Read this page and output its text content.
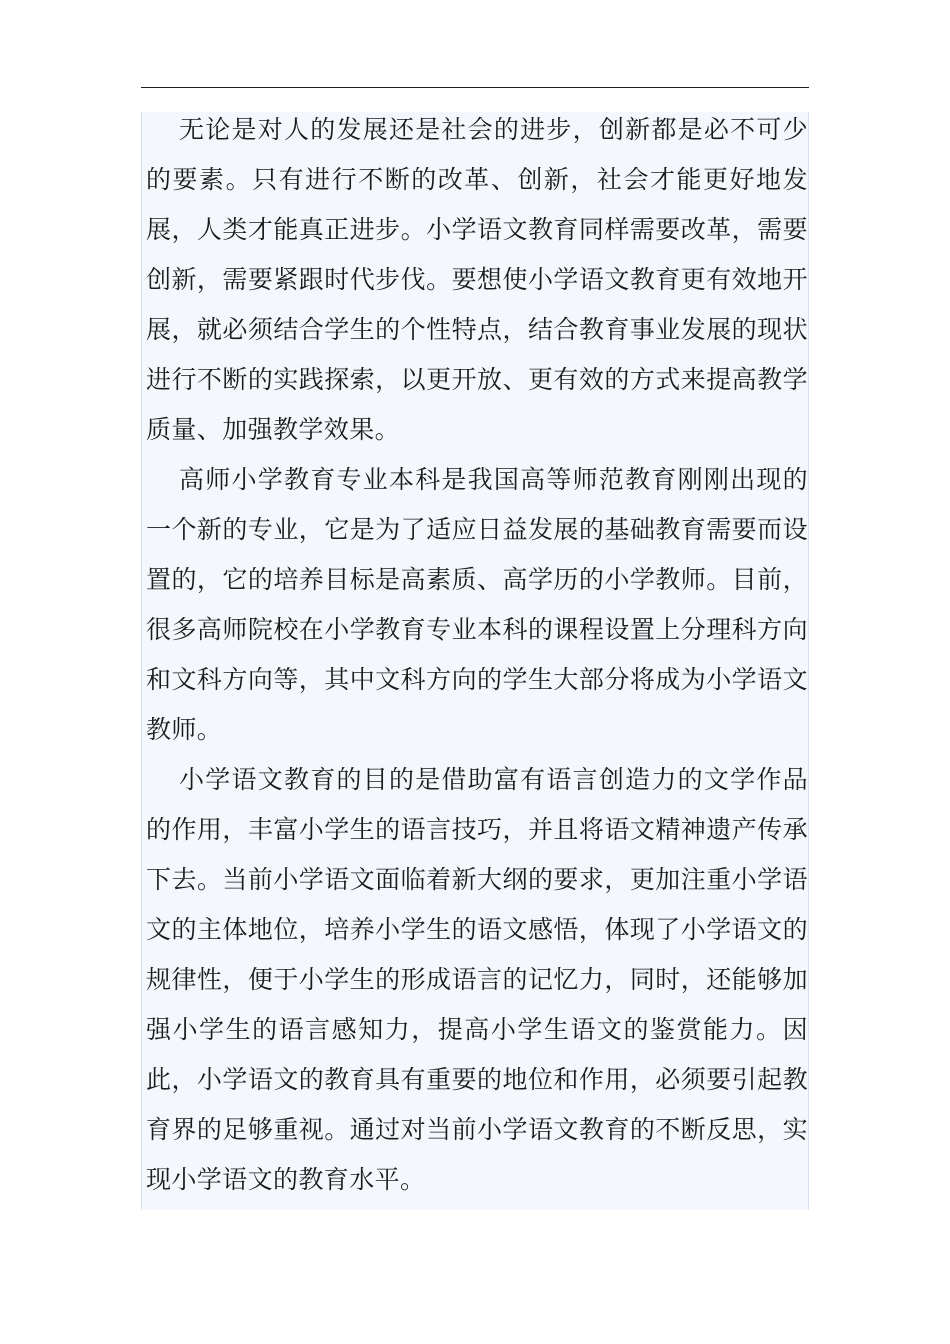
无论是对人的发展还是社会的进步，创新都是必不可少的要素。只有进行不断的改革、创新，社会才能更好地发展，人类才能真正进步。小学语文教育同样需要改革，需要创新，需要紧跟时代步伐。要想使小学语文教育更有效地开展，就必须结合学生的个性特点，结合教育事业发展的现状进行不断的实践探索，以更开放、更有效的方式来提高教学质量、加强教学效果。

高师小学教育专业本科是我国高等师范教育刚刚出现的一个新的专业，它是为了适应日益发展的基础教育需要而设置的，它的培养目标是高素质、高学历的小学教师。目前，很多高师院校在小学教育专业本科的课程设置上分理科方向和文科方向等，其中文科方向的学生大部分将成为小学语文教师。

小学语文教育的目的是借助富有语言创造力的文学作品的作用，丰富小学生的语言技巧，并且将语文精神遗产传承下去。当前小学语文面临着新大纲的要求，更加注重小学语文的主体地位，培养小学生的语文感悟，体现了小学语文的规律性，便于小学生的形成语言的记忆力，同时，还能够加强小学生的语言感知力，提高小学生语文的鉴赏能力。因此，小学语文的教育具有重要的地位和作用，必须要引起教育界的足够重视。通过对当前小学语文教育的不断反思，实现小学语文的教育水平。
